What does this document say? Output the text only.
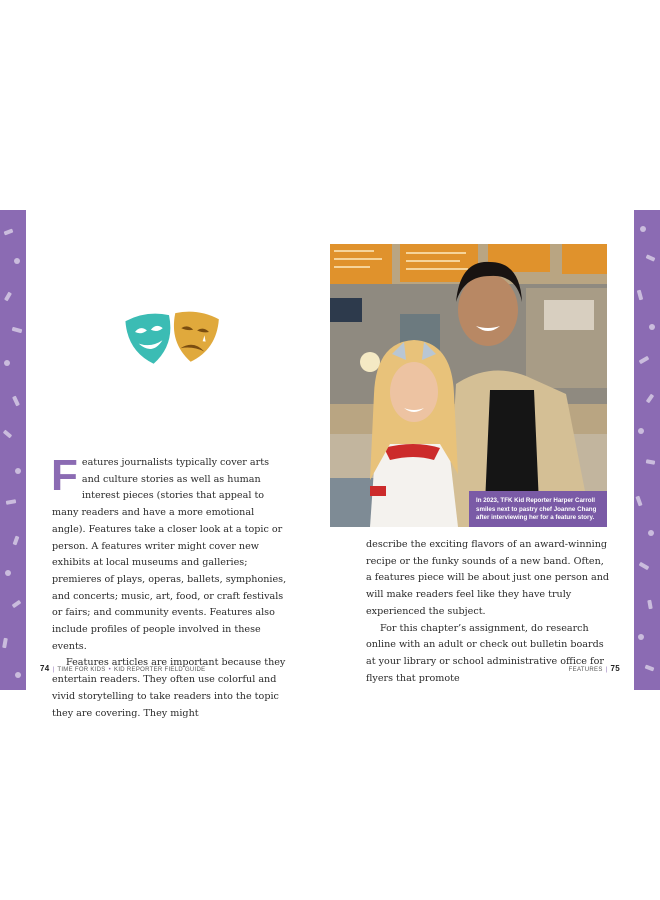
Features journalists typically cover arts and culture stories as well as human interest pieces (stories that appeal to many readers and have a more emotional angle). Features take a closer look at a topic or person. A features writer might cover new exhibits at local museums and galleries; premieres of plays, operas, ballets, symphonies, and concerts; music, art, food, or craft festivals or fairs; and community events. Features also include profiles of people involved in these events.

Features articles are important because they entertain readers. They often use colorful and vivid storytelling to take readers into the topic they are covering. They might

In 2023, TFK Kid Reporter Harper Carroll smiles next to pastry chef Joanne Chang after interviewing her for a feature story.

describe the exciting flavors of an award-winning recipe or the funky sounds of a new band. Often, a features piece will be about just one person and will make readers feel like they have truly experienced the subject.

For this chapter’s assignment, do research online with an adult or check out bulletin boards at your library or school administrative office for flyers that promote

74 | TIME FOR KIDS • KID REPORTER FIELD GUIDE	FEATURES | 75
